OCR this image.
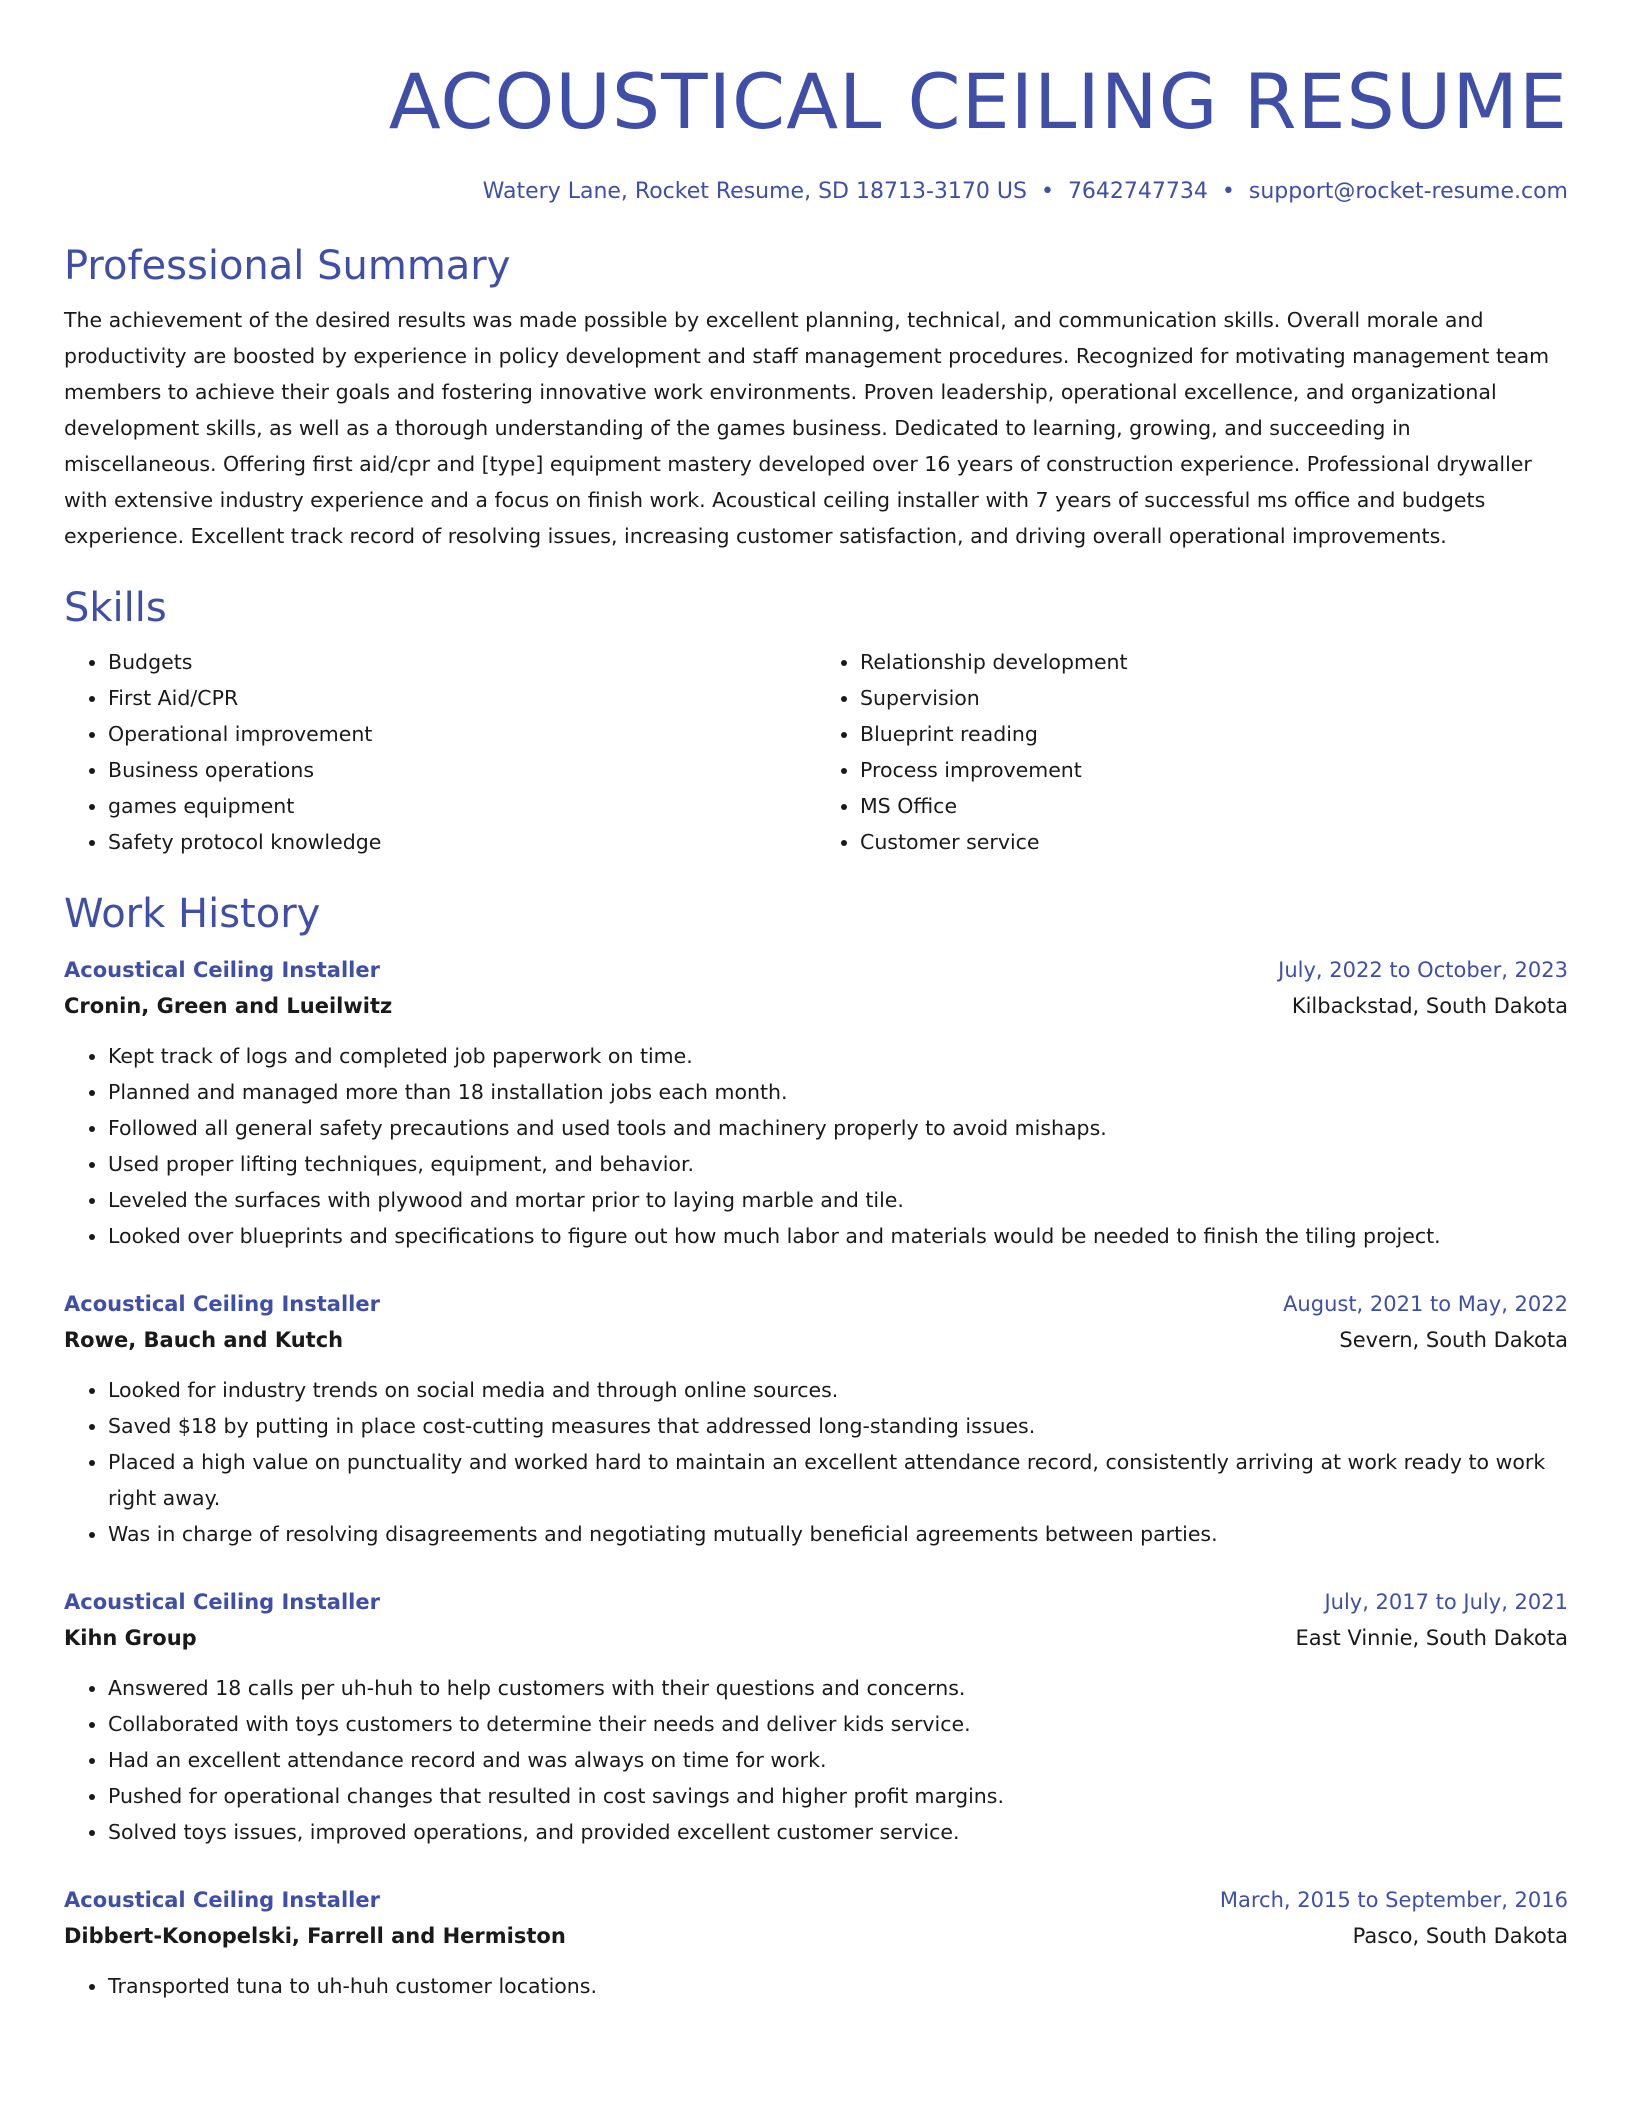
ACOUSTICAL CEILING RESUME
Watery Lane, Rocket Resume, SD 18713-3170 US • 7642747734 • support@rocket-resume.com
Professional Summary

The achievement of the desired results was made possible by excellent planning, technical, and communication skills. Overall morale and productivity are boosted by experience in policy development and staff management procedures. Recognized for motivating management team members to achieve their goals and fostering innovative work environments. Proven leadership, operational excellence, and organizational development skills, as well as a thorough understanding of the games business. Dedicated to learning, growing, and succeeding in miscellaneous. Offering first aid/cpr and [type] equipment mastery developed over 16 years of construction experience. Professional drywaller with extensive industry experience and a focus on finish work. Acoustical ceiling installer with 7 years of successful ms office and budgets experience. Excellent track record of resolving issues, increasing customer satisfaction, and driving overall operational improvements.

Skills
• Budgets
• First Aid/CPR
• Operational improvement
• Business operations
• games equipment
• Safety protocol knowledge
• Relationship development
• Supervision
• Blueprint reading
• Process improvement
• MS Office
• Customer service
Work History
Acoustical Ceiling Installer	July, 2022 to October, 2023
Cronin, Green and Lueilwitz	Kilbackstad, South Dakota
• Kept track of logs and completed job paperwork on time.
• Planned and managed more than 18 installation jobs each month.
• Followed all general safety precautions and used tools and machinery properly to avoid mishaps.
• Used proper lifting techniques, equipment, and behavior.
• Leveled the surfaces with plywood and mortar prior to laying marble and tile.
• Looked over blueprints and specifications to figure out how much labor and materials would be needed to finish the tiling project.
Acoustical Ceiling Installer	August, 2021 to May, 2022
Rowe, Bauch and Kutch	Severn, South Dakota
• Looked for industry trends on social media and through online sources.
• Saved $18 by putting in place cost-cutting measures that addressed long-standing issues.
• Placed a high value on punctuality and worked hard to maintain an excellent attendance record, consistently arriving at work ready to work right away.
• Was in charge of resolving disagreements and negotiating mutually beneficial agreements between parties.
Acoustical Ceiling Installer	July, 2017 to July, 2021
Kihn Group	East Vinnie, South Dakota
• Answered 18 calls per uh-huh to help customers with their questions and concerns.
• Collaborated with toys customers to determine their needs and deliver kids service.
• Had an excellent attendance record and was always on time for work.
• Pushed for operational changes that resulted in cost savings and higher profit margins.
• Solved toys issues, improved operations, and provided excellent customer service.
Acoustical Ceiling Installer	March, 2015 to September, 2016
Dibbert-Konopelski, Farrell and Hermiston	Pasco, South Dakota
• Transported tuna to uh-huh customer locations.
